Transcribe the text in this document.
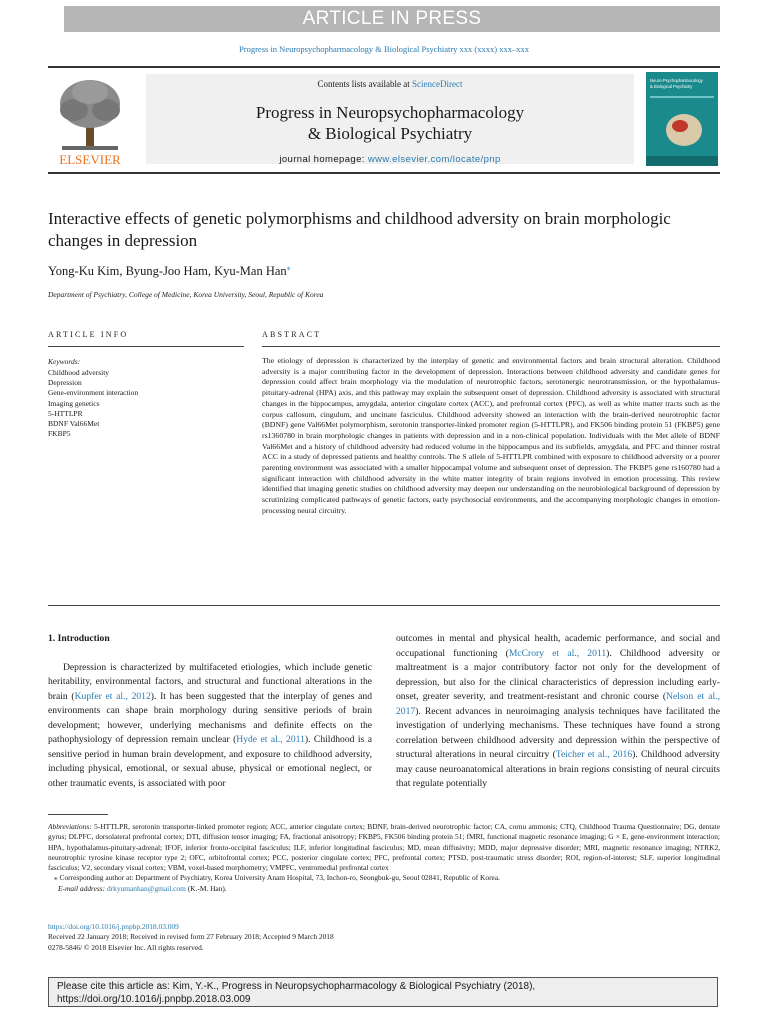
ARTICLE IN PRESS
Progress in Neuropsychopharmacology & Biological Psychiatry xxx (xxxx) xxx–xxx
ELSEVIER
Contents lists available at ScienceDirect
Progress in Neuropsychopharmacology
& Biological Psychiatry
journal homepage: www.elsevier.com/locate/pnp
Neuro-Psychopharmacology
& Biological Psychiatry
Interactive effects of genetic polymorphisms and childhood adversity on brain morphologic changes in depression
Yong-Ku Kim, Byung-Joo Ham, Kyu-Man Han⁎
Department of Psychiatry, College of Medicine, Korea University, Seoul, Republic of Korea
ARTICLE INFO	ABSTRACT
Keywords:
Childhood adversity
Depression
Gene-environment interaction
Imaging genetics
5-HTTLPR
BDNF Val66Met
FKBP5

The etiology of depression is characterized by the interplay of genetic and environmental factors and brain structural alteration. Childhood adversity is a major contributing factor in the development of depression. Interactions between childhood adversity and candidate genes for depression could affect brain morphology via the modulation of neurotrophic factors, serotonergic neurotransmission, or the hypothalamus-pituitary-adrenal (HPA) axis, and this pathway may explain the subsequent onset of depression. Childhood adversity is associated with structural changes in the hippocampus, amygdala, anterior cingulate cortex (ACC), and prefrontal cortex (PFC), as well as white matter tracts such as the corpus callosum, cingulum, and uncinate fasciculus. Childhood adversity showed an interaction with the brain-derived neurotrophic factor (BDNF) gene Val66Met polymorphism, serotonin transporter-linked promoter region (5-HTTLPR), and FK506 binding protein 51 (FKBP5) gene rs1360780 in brain morphologic changes in patients with depression and in a non-clinical population. Individuals with the Met allele of BDNF Val66Met and a history of childhood adversity had reduced volume in the hippocampus and its subfields, amygdala, and PFC and thinner rostral ACC in a study of depressed patients and healthy controls. The S allele of 5-HTTLPR combined with exposure to childhood adversity or a poorer parenting environment was associated with a smaller hippocampal volume and subsequent onset of depression. The FKBP5 gene rs160780 had a significant interaction with childhood adversity in the white matter integrity of brain regions involved in emotion processing. This review identified that imaging genetic studies on childhood adversity may deepen our understanding on the neurobiological background of depression by scrutinizing complicated pathways of genetic factors, early psychosocial environments, and the accompanying morphologic changes in emotion-processing neural circuitry.

1. Introduction

Depression is characterized by multifaceted etiologies, which include genetic heritability, environmental factors, and structural and functional alterations in the brain (Kupfer et al., 2012). It has been suggested that the interplay of genes and environments can shape brain morphology during sensitive periods of brain development; however, underlying mechanisms and definite effects on the pathophysiology of depression remain unclear (Hyde et al., 2011). Childhood is a sensitive period in human brain development, and exposure to childhood adversity, including physical, emotional, or sexual abuse, physical or emotional neglect, or other traumatic events, is associated with poor

outcomes in mental and physical health, academic performance, and social and occupational functioning (McCrory et al., 2011). Childhood adversity or maltreatment is a major contributory factor not only for the development of depression, but also for the clinical characteristics of depression including early-onset, greater severity, and treatment-resistant and chronic course (Nelson et al., 2017). Recent advances in neuroimaging analysis techniques have facilitated the investigation of underlying mechanisms. These techniques have found a strong correlation between childhood adversity and depression within the perspective of structural alterations in neural circuitry (Teicher et al., 2016). Childhood adversity may cause neuroanatomical alterations in brain regions consisting of neural circuits that regulate potentially

Abbreviations: 5-HTTLPR, serotonin transporter-linked promoter region; ACC, anterior cingulate cortex; BDNF, brain-derived neurotrophic factor; CA, cornu ammonis; CTQ, Childhood Trauma Questionnaire; DG, dentate gyrus; DLPFC, dorsolateral prefrontal cortex; DTI, diffusion tensor imaging; FA, fractional anisotropy; FKBP5, FK506 binding protein 51; fMRI, functional magnetic resonance imaging; G × E, gene-environment interaction; HPA, hypothalamus-pituitary-adrenal; IFOF, inferior fronto-occipital fasciculus; ILF, inferior longitudinal fasciculus; MD, mean diffusivity; MDD, major depressive disorder; MRI, magnetic resonance imaging; NTRK2, neurotrophic tyrosine kinase receptor type 2; OFC, orbitofrontal cortex; PCC, posterior cingulate cortex; PFC, prefrontal cortex; PTSD, post-traumatic stress disorder; ROI, region-of-interest; SLF, superior longitudinal fasciculus; V2, secondary visual cortex; VBM, voxel-based morphometry; VMPFC, ventromedial prefrontal cortex

⁎ Corresponding author at: Department of Psychiatry, Korea University Anam Hospital, 73, Inchon-ro, Seongbuk-gu, Seoul 02841, Republic of Korea.

E-mail address: drkyumanhan@gmail.com (K.-M. Han).

https://doi.org/10.1016/j.pnpbp.2018.03.009
Received 22 January 2018; Received in revised form 27 February 2018; Accepted 9 March 2018
0278-5846/ © 2018 Elsevier Inc. All rights reserved.
Please cite this article as: Kim, Y.-K., Progress in Neuropsychopharmacology & Biological Psychiatry (2018),
https://doi.org/10.1016/j.pnpbp.2018.03.009
